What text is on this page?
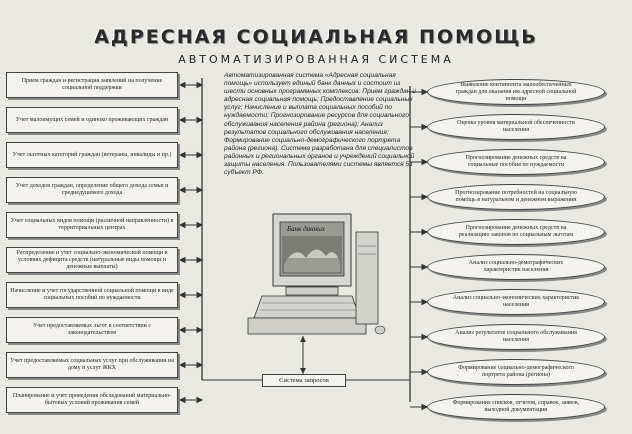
АДРЕСНАЯ СОЦИАЛЬНАЯ ПОМОЩЬ
АВТОМАТИЗИРОВАННАЯ СИСТЕМА
Банк данных
Прием граждан и регистрация заявлений на получение социальной поддержки
Учет малоимущих семей и одиноко проживающих граждан
Учет льготных категорий граждан (ветераны, инвалиды и пр.)
Учет доходов граждан, определение общего дохода семьи и среднедушевого дохода
Учет социальных видов помощи (различной направленности) в территориальных центрах
Распределение и учет социально-экономической помощи в условиях дефицита средств (натуральные виды помощи и денежные выплаты)
Начисление и учет государственной социальной помощи в виде социальных пособий по нуждаемости
Учет предоставляемых льгот в соответствии с законодательством
Учет предоставляемых социальных услуг при обслуживании на дому и услуг ЖКХ
Планирование и учет проведения обследований материально-бытовых условий проживания семей
Выявление контингента малообеспеченных граждан для оказания им адресной социальной помощи
Оценка уровня материальной обеспеченности населения
Прогнозирование денежных средств на социальные пособия по нуждаемости
Прогнозирование потребностей на социальную помощь в натуральном и денежном выражении
Прогнозирование денежных средств на реализацию законов по социальным льготам
Анализ социально-демографических характеристик населения
Анализ социально-экономических характеристик населения
Анализ результатов социального обслуживания населения
Формирование социально-демографического портрета района (региона)
Формирование списков, отчетов, справок, заявок, выходной документации
Автоматизированная система «Адресная социальная помощь» использует единый банк данных и состоит из шести основных программных комплексов: Прием граждан и адресная социальная помощь; Предоставление социальных услуг; Начисление и выплата социальных пособий по нуждаемости; Прогнозирование ресурсов для социального обслуживания населения района (региона); Анализ результатов социального обслуживания населения; Формирование социально-демографического портрета района (региона). Система разработана для специалистов районных и региональных органов и учреждений социальной защиты населения. Пользователями системы является 51 субъект РФ.
Система запросов
